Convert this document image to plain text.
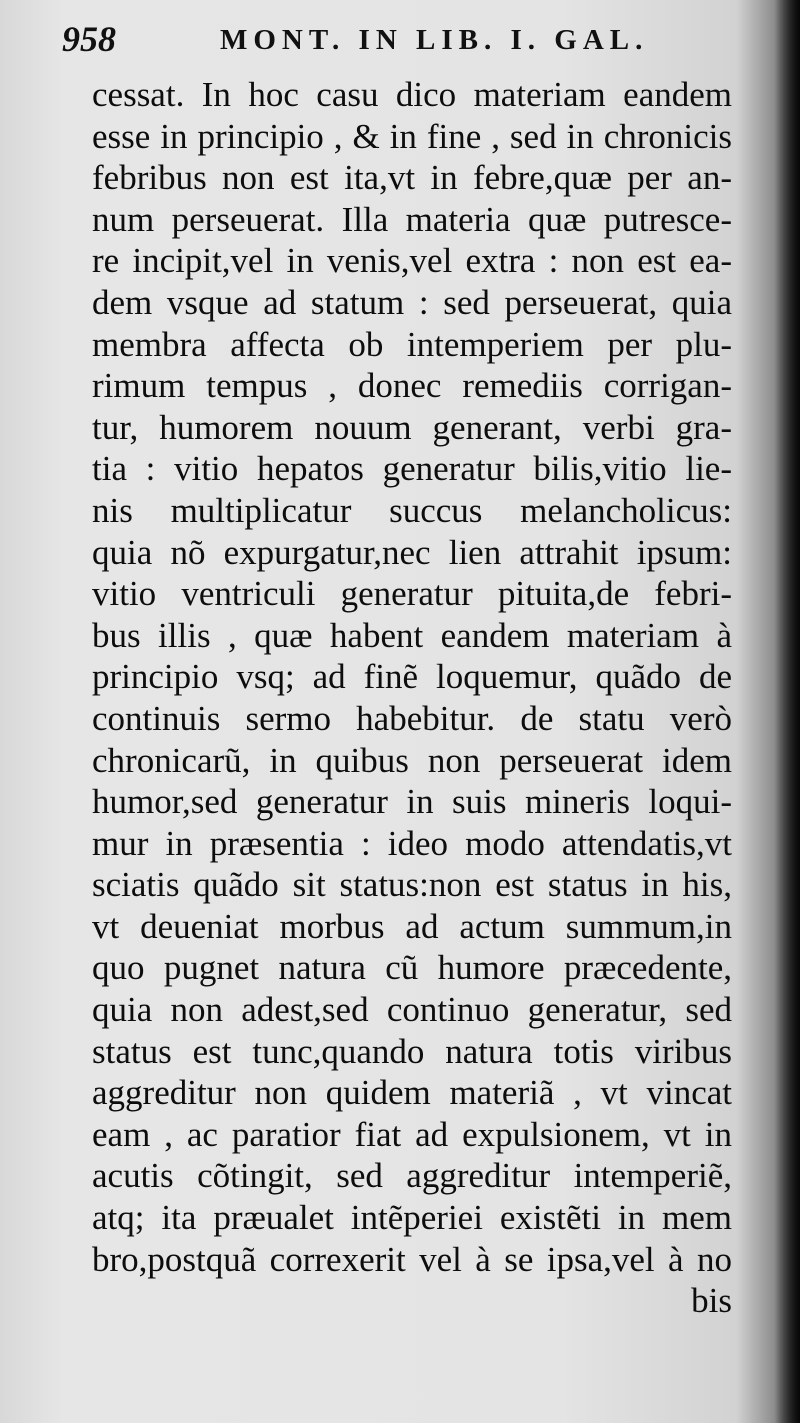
958	MONT. IN LIB. I. GAL.
cessat. In hoc casu dico materiam eandem
esse in principio , & in fine , sed in chronicis
febribus non est ita,vt in febre,quæ per an-
num perseuerat. Illa materia quæ putresce-
re incipit,vel in venis,vel extra : non est ea-
dem vsque ad statum : sed perseuerat, quia
membra affecta ob intemperiem per plu-
rimum tempus , donec remediis corrigan-
tur, humorem nouum generant, verbi gra-
tia : vitio hepatos generatur bilis,vitio lie-
nis multiplicatur succus melancholicus:
quia nõ expurgatur,nec lien attrahit ipsum:
vitio ventriculi generatur pituita,de febri-
bus illis , quæ habent eandem materiam à
principio vsq; ad finẽ loquemur, quãdo de
continuis sermo habebitur. de statu verò
chronicarũ, in quibus non perseuerat idem
humor,sed generatur in suis mineris loqui-
mur in præsentia : ideo modo attendatis,vt
sciatis quãdo sit status:non est status in his,
vt deueniat morbus ad actum summum,in
quo pugnet natura cũ humore præcedente,
quia non adest,sed continuo generatur, sed
status est tunc,quando natura totis viribus
aggreditur non quidem materiã , vt vincat
eam , ac paratior fiat ad expulsionem, vt in
acutis cõtingit, sed aggreditur intemperiẽ,
atq; ita præualet intẽperiei existẽti in mem
bro,postquã correxerit vel à se ipsa,vel à no
bis
